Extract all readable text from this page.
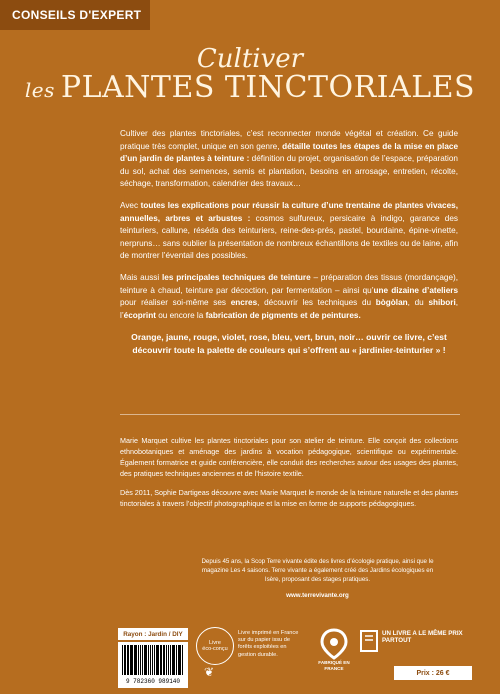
CONSEILS D'EXPERT
Cultiver
les PLANTES TINCTORIALES

Cultiver des plantes tinctoriales, c’est reconnecter monde végétal et création. Ce guide pratique très complet, unique en son genre, détaille toutes les étapes de la mise en place d’un jardin de plantes à teinture : définition du projet, organisation de l’espace, préparation du sol, achat des semences, semis et plantation, besoins en arrosage, entretien, récolte, séchage, transformation, calendrier des travaux…

Avec toutes les explications pour réussir la culture d’une trentaine de plantes vivaces, annuelles, arbres et arbustes : cosmos sulfureux, persicaire à indigo, garance des teinturiers, callune, réséda des teinturiers, reine-des-prés, pastel, bourdaine, épine-vinette, nerpruns… sans oublier la présentation de nombreux échantillons de textiles ou de laine, afin de montrer l’éventail des possibles.

Mais aussi les principales techniques de teinture – préparation des tissus (mordançage), teinture à chaud, teinture par décoction, par fermentation – ainsi qu’une dizaine d’ateliers pour réaliser soi-même ses encres, découvrir les techniques du bògòlan, du shibori, l’écoprint ou encore la fabrication de pigments et de peintures.

Orange, jaune, rouge, violet, rose, bleu, vert, brun, noir… ouvrir ce livre, c’est découvrir toute la palette de couleurs qui s’offrent au « jardinier-teinturier » !

Marie Marquet cultive les plantes tinctoriales pour son atelier de teinture. Elle conçoit des collections ethnobotaniques et aménage des jardins à vocation pédagogique, scientifique ou expérimentale. Également formatrice et guide conférencière, elle conduit des recherches autour des usages des plantes, des pratiques techniques anciennes et de l’histoire textile.

Dès 2011, Sophie Dartigeas découvre avec Marie Marquet le monde de la teinture naturelle et des plantes tinctoriales à travers l’objectif photographique et la mise en forme de supports pédagogiques.

Depuis 45 ans, la Scop Terre vivante édite des livres d’écologie pratique, ainsi que le magazine Les 4 saisons. Terre vivante a également créé des Jardins écologiques en Isère, proposant des stages pratiques.
www.terrevivante.org
Rayon : Jardin / DIY
9 782360 989140
Livre
éco-conçu
❦
Livre imprimé en France sur du papier issu de forêts exploitées en gestion durable.
FABRIQUÉ EN FRANCE
UN LIVRE A LE MÊME PRIX PARTOUT
Prix : 26 €
